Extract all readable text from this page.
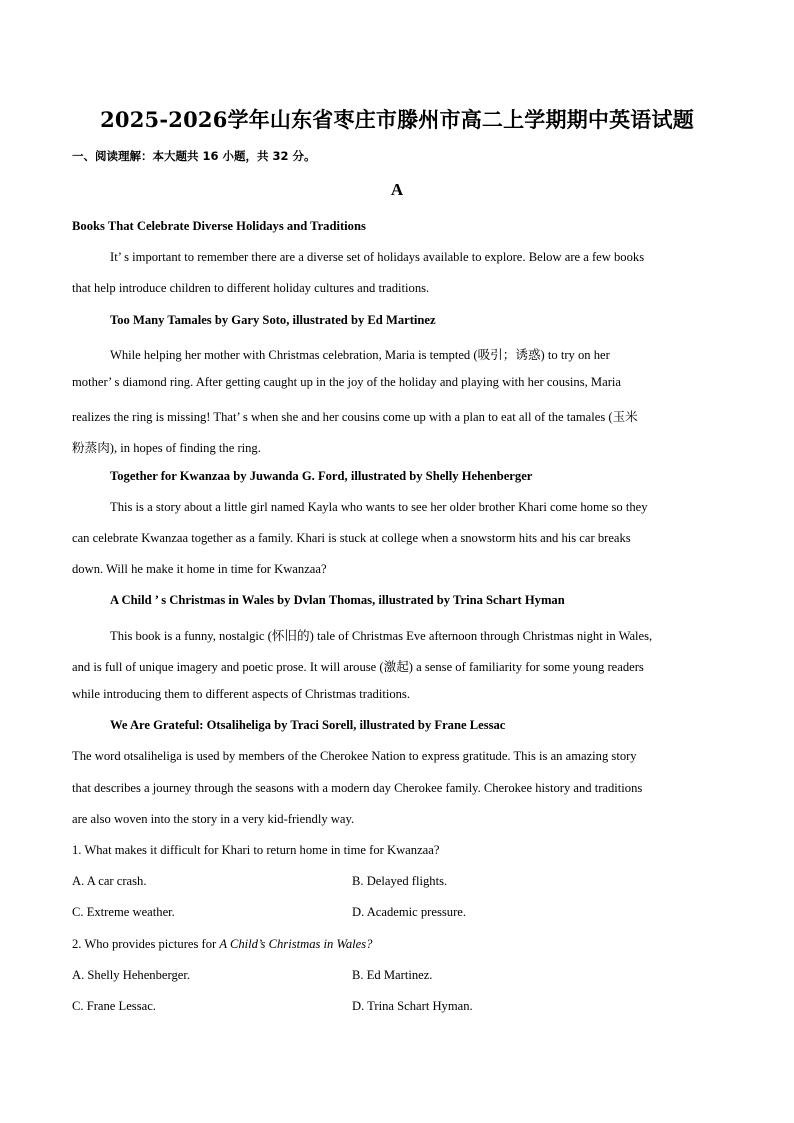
2025-2026学年山东省枣庄市滕州市高二上学期期中英语试题
一、阅读理解：本大题共 16 小题，共 32 分。
A
Books That Celebrate Diverse Holidays and Traditions
It’ s important to remember there are a diverse set of holidays available to explore. Below are a few books
that help introduce children to different holiday cultures and traditions.
Too Many Tamales by Gary Soto, illustrated by Ed Martinez
While helping her mother with Christmas celebration, Maria is tempted (吸引；诱惑) to try on her
mother’ s diamond ring. After getting caught up in the joy of the holiday and playing with her cousins, Maria
realizes the ring is missing! That’ s when she and her cousins come up with a plan to eat all of the tamales (玉米
粉蒸肉), in hopes of finding the ring.
Together for Kwanzaa by Juwanda G. Ford, illustrated by Shelly Hehenberger
This is a story about a little girl named Kayla who wants to see her older brother Khari come home so they
can celebrate Kwanzaa together as a family. Khari is stuck at college when a snowstorm hits and his car breaks
down. Will he make it home in time for Kwanzaa?
A Child ’ s Christmas in Wales by Dvlan Thomas, illustrated by Trina Schart Hyman
This book is a funny, nostalgic (怀旧的) tale of Christmas Eve afternoon through Christmas night in Wales,
and is full of unique imagery and poetic prose. It will arouse (激起) a sense of familiarity for some young readers
while introducing them to different aspects of Christmas traditions.
We Are Grateful: Otsaliheliga by Traci Sorell, illustrated by Frane Lessac
The word otsaliheliga is used by members of the Cherokee Nation to express gratitude. This is an amazing story
that describes a journey through the seasons with a modern day Cherokee family. Cherokee history and traditions
are also woven into the story in a very kid-friendly way.
1. What makes it difficult for Khari to return home in time for Kwanzaa?
A. A car crash.	B. Delayed flights.
C. Extreme weather.	D. Academic pressure.
2. Who provides pictures for A Child’s Christmas in Wales?
A. Shelly Hehenberger.	B. Ed Martinez.
C. Frane Lessac.	D. Trina Schart Hyman.
